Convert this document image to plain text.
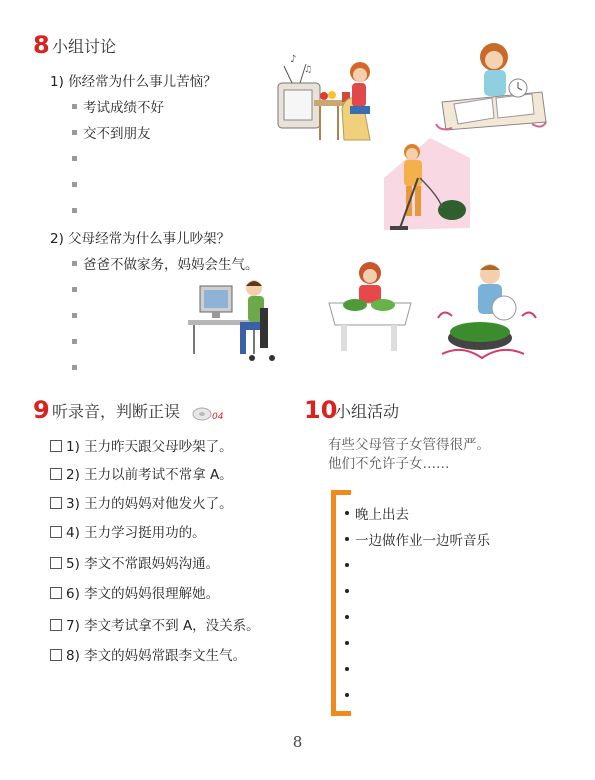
8 小组讨论
1) 你经常为什么事儿苦恼？
考试成绩不好
交不到朋友
2) 父母经常为什么事儿吵架？
爸爸不做家务，妈妈会生气。
♪
♫
9 听录音，判断正误	04
1) 王力昨天跟父母吵架了。
2) 王力以前考试不常拿 A。
3) 王力的妈妈对他发火了。
4) 王力学习挺用功的。
5) 李文不常跟妈妈沟通。
6) 李文的妈妈很理解她。
7) 李文考试拿不到 A，没关系。
8) 李文的妈妈常跟李文生气。
10
小组活动
有些父母管子女管得很严。
他们不允许子女……
晚上出去
一边做作业一边听音乐
8
